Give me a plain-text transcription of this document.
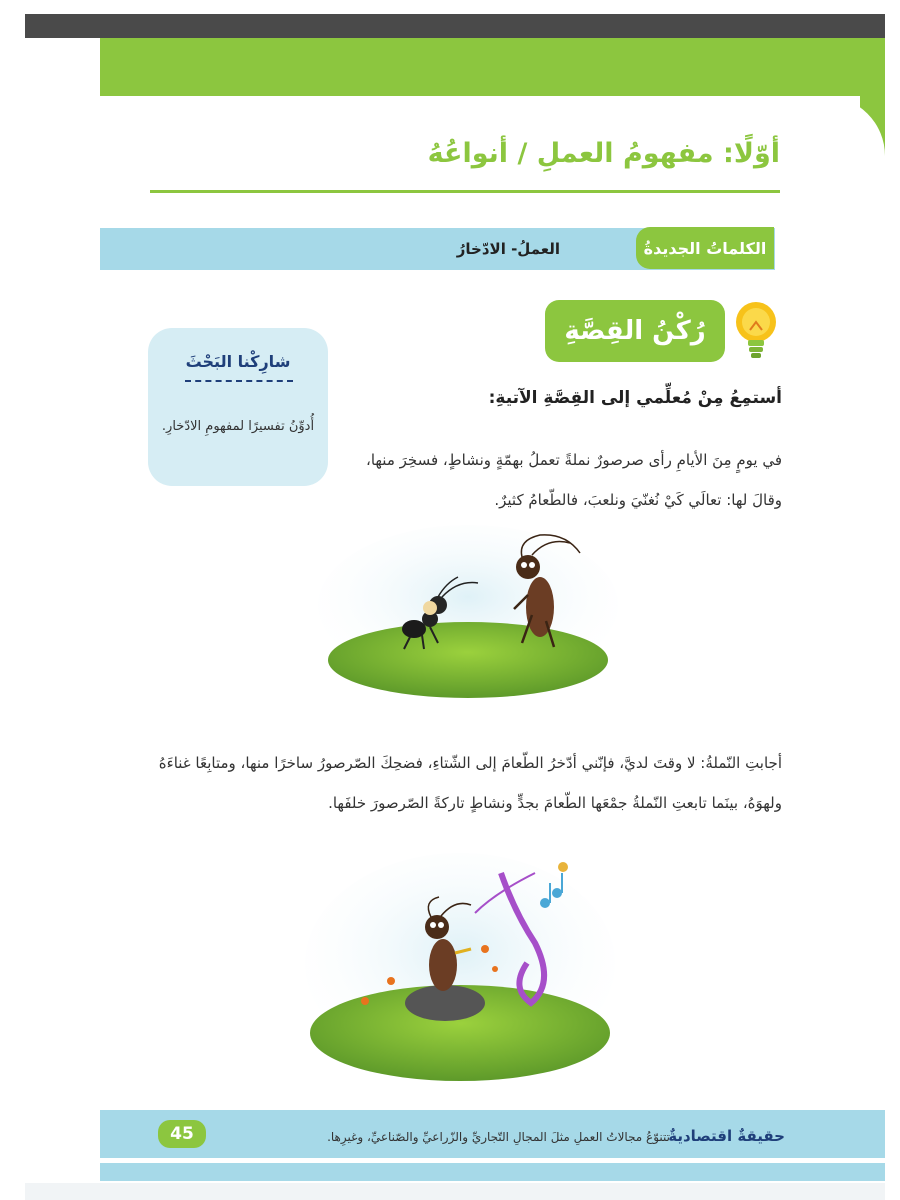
أوّلًا: مفهومُ العملِ / أنواعُهُ
الكلماتُ الجديدةُ
العملُ- الادّخارُ
رُكْنُ القِصَّةِ
شارِكْنا البَحْثَ
أُدوِّنُ تفسيرًا لمفهومِ الادّخارِ.
أستمِعُ مِنْ مُعلِّمي إلى القِصَّةِ الآتيةِ:
في يومٍ مِنَ الأيامِ رأى صرصورٌ نملةً تعملُ بهمّةٍ ونشاطٍ، فسخِرَ منها، وقالَ لها: تعالَي كَيْ نُغنّيَ ونلعبَ، فالطّعامُ كثيرٌ.
أجابتِ النّملةُ: لا وقتَ لديَّ، فإنّني أدّخرُ الطّعامَ إلى الشّتاءِ، فضحِكَ الصّرصورُ ساخرًا منها، ومتابِعًا غناءَهُ ولهوَهُ، بينَما تابعتِ النّملةُ جمْعَها الطّعامَ بجدٍّ ونشاطٍ تاركةً الصّرصورَ خلفَها.
45	حقيقةٌ اقتصاديةٌ
تتنوّعُ مجالاتُ العملِ مثلَ المجالِ التّجاريِّ والزّراعيِّ والصّناعيِّ، وغيرِها.
